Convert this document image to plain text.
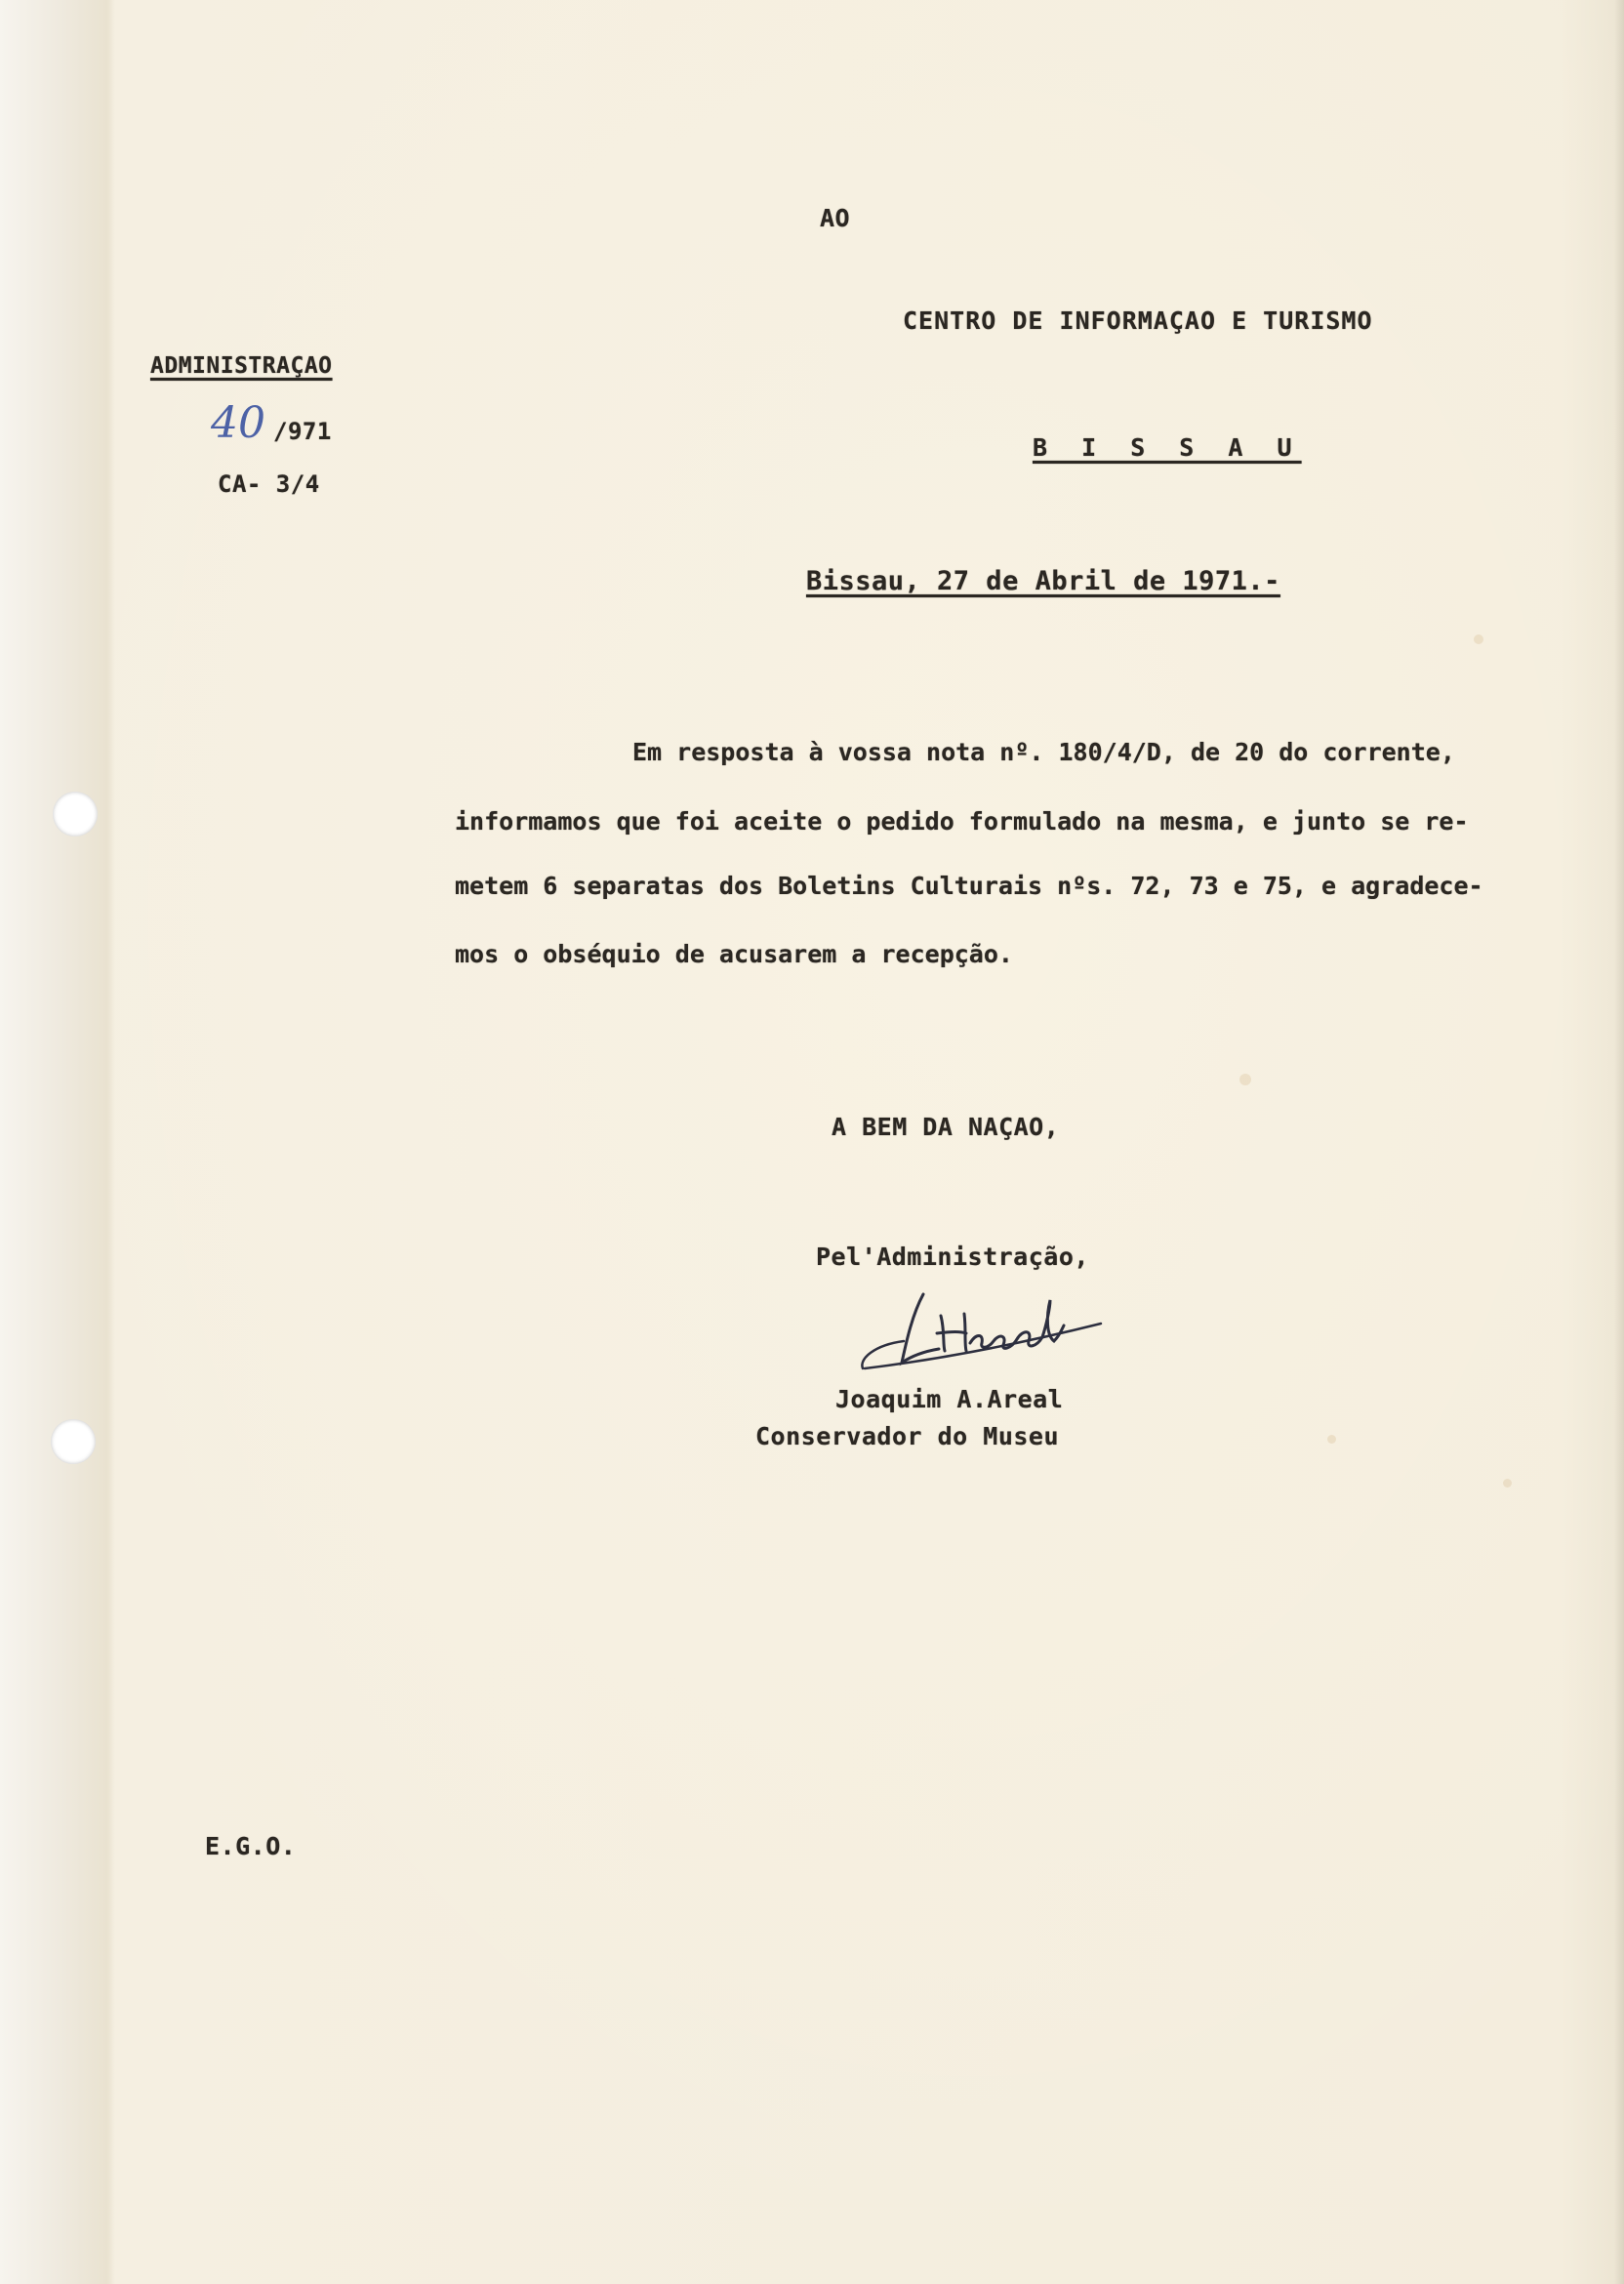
AO
CENTRO DE INFORMAÇAO E TURISMO
B I S S A U
ADMINISTRAÇAO
40 /971
CA- 3/4
Bissau, 27 de Abril de 1971.-
Em resposta à vossa nota nº. 180/4/D, de 20 do corrente,
informamos que foi aceite o pedido formulado na mesma, e junto se re-
metem 6 separatas dos Boletins Culturais nºs. 72, 73 e 75, e agradece-
mos o obséquio de acusarem a recepção.
A BEM DA NAÇAO,
Pel'Administração,
Joaquim A.Areal
Conservador do Museu
E.G.O.
